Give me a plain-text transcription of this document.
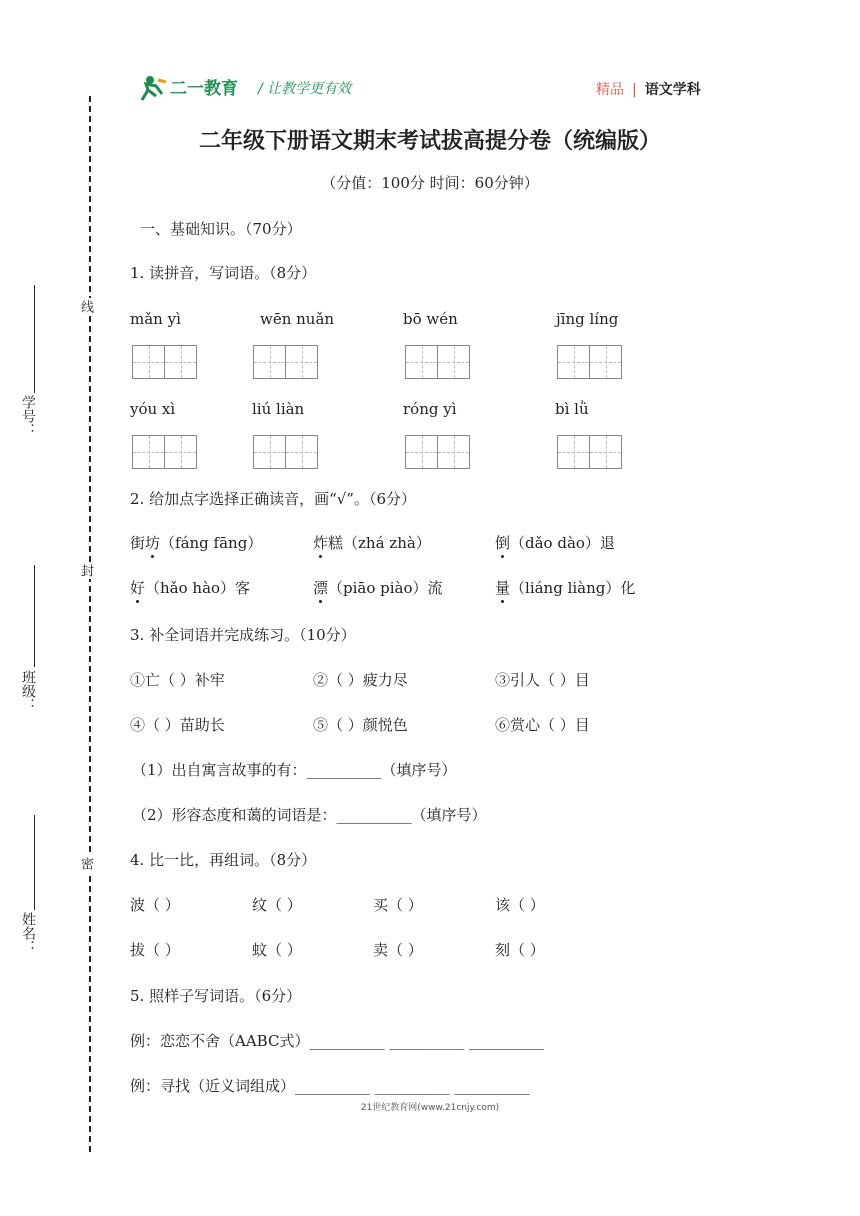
二一教育 / 让教学更有效	精品 | 语文学科
二年级下册语文期末考试拔高提分卷（统编版）
（分值：100分 时间：60分钟）
学号：
班级：
姓名：
线
封
密
一、基础知识。（70分）
1. 读拼音，写词语。（8分）
mǎn yì	wēn nuǎn	bō wén	jīng líng
yóu xì	liú liàn	róng yì	bì lǜ
2. 给加点字选择正确读音，画“√”。（6分）
街坊（fáng fāng）	炸糕（zhá zhà）	倒（dǎo dào）退
好（hǎo hào）客	漂（piāo piào）流	量（liáng liàng）化
3. 补全词语并完成练习。（10分）
①亡（ ）补牢	②（ ）疲力尽	③引人（ ）目
④（ ）苗助长	⑤（ ）颜悦色	⑥赏心（ ）目
（1）出自寓言故事的有：__________（填序号）
（2）形容态度和蔼的词语是：__________（填序号）
4. 比一比，再组词。（8分）
波（ ）	纹（ ）	买（ ）	该（ ）
拔（ ）	蚊（ ）	卖（ ）	刻（ ）
5. 照样子写词语。（6分）
例：恋恋不舍（AABC式）__________ __________ __________
例：寻找（近义词组成）__________ __________ __________
21世纪教育网(www.21cnjy.com)
